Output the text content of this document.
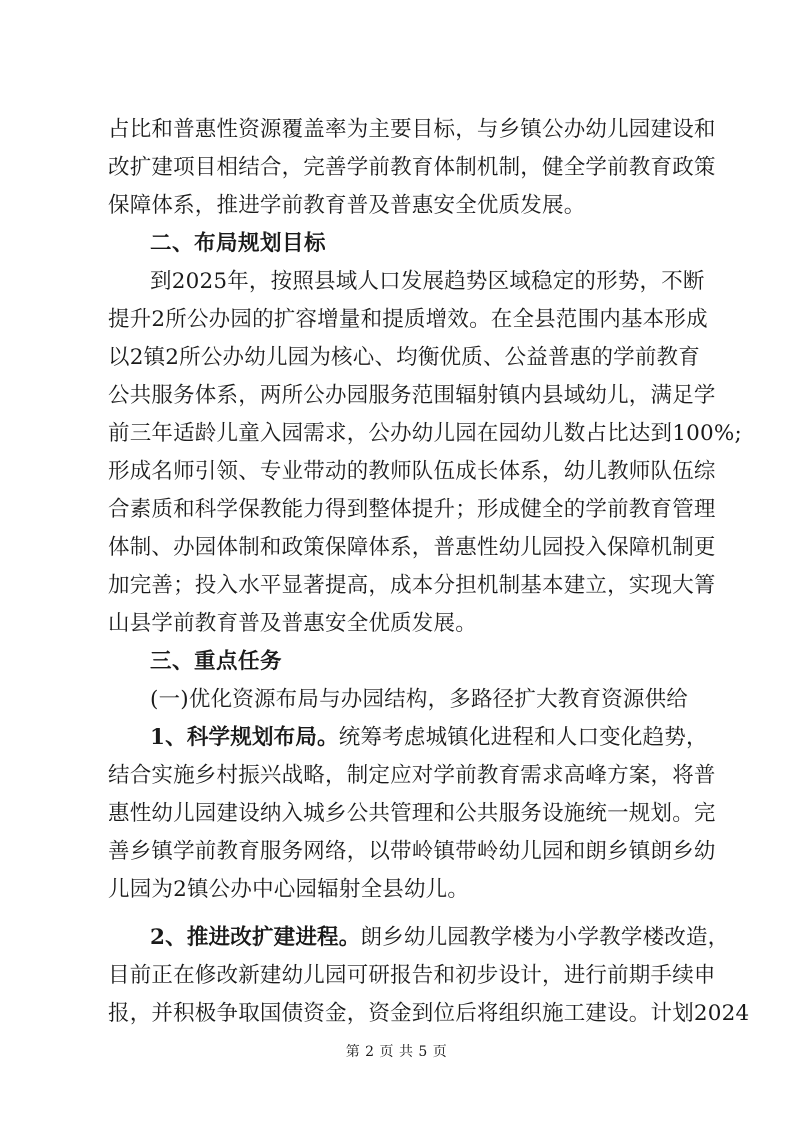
占比和普惠性资源覆盖率为主要目标，与乡镇公办幼儿园建设和
改扩建项目相结合，完善学前教育体制机制，健全学前教育政策
保障体系，推进学前教育普及普惠安全优质发展。
二、布局规划目标
到2025年，按照县域人口发展趋势区域稳定的形势，不断
提升2所公办园的扩容增量和提质增效。在全县范围内基本形成
以2镇2所公办幼儿园为核心、均衡优质、公益普惠的学前教育
公共服务体系，两所公办园服务范围辐射镇内县域幼儿，满足学
前三年适龄儿童入园需求，公办幼儿园在园幼儿数占比达到100%;
形成名师引领、专业带动的教师队伍成长体系，幼儿教师队伍综
合素质和科学保教能力得到整体提升；形成健全的学前教育管理
体制、办园体制和政策保障体系，普惠性幼儿园投入保障机制更
加完善；投入水平显著提高，成本分担机制基本建立，实现大箐
山县学前教育普及普惠安全优质发展。
三、重点任务
(一)优化资源布局与办园结构，多路径扩大教育资源供给
1、科学规划布局。统筹考虑城镇化进程和人口变化趋势，
结合实施乡村振兴战略，制定应对学前教育需求高峰方案，将普
惠性幼儿园建设纳入城乡公共管理和公共服务设施统一规划。完
善乡镇学前教育服务网络，以带岭镇带岭幼儿园和朗乡镇朗乡幼
儿园为2镇公办中心园辐射全县幼儿。
2、推进改扩建进程。朗乡幼儿园教学楼为小学教学楼改造，
目前正在修改新建幼儿园可研报告和初步设计，进行前期手续申
报，并积极争取国债资金，资金到位后将组织施工建设。计划2024
第 2 页 共 5 页
